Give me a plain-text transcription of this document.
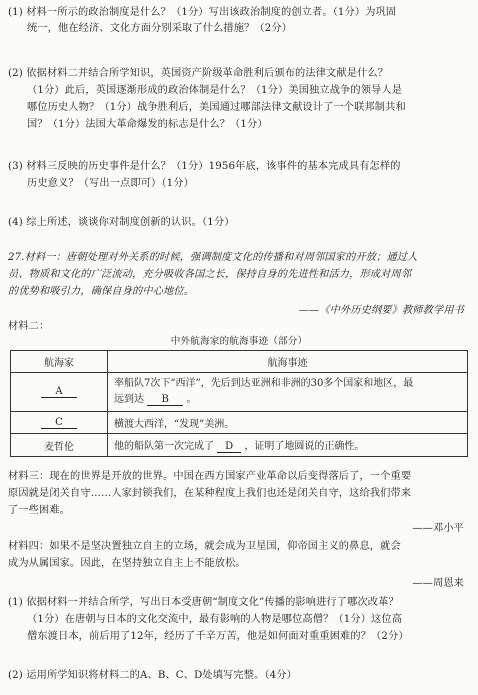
(1) 材料一所示的政治制度是什么？（1分）写出该政治制度的创立者。（1分）为巩固
统一，他在经济、文化方面分别采取了什么措施？（2分）
(2) 依据材料二并结合所学知识，英国资产阶级革命胜利后颁布的法律文献是什么？
（1分）此后，英国逐渐形成的政治体制是什么？（1分）美国独立战争的领导人是
哪位历史人物？（1分）战争胜利后，美国通过哪部法律文献设计了一个联邦制共和
国？（1分）法国大革命爆发的标志是什么？（1分）
(3) 材料三反映的历史事件是什么？（1分）1956年底，该事件的基本完成具有怎样的
历史意义？（写出一点即可）（1分）
(4) 综上所述，谈谈你对制度创新的认识。（1分）
27.材料一：唐朝处理对外关系的时候，强调制度文化的传播和对周邻国家的开放；通过人
员、物质和文化的广泛流动，充分吸收各国之长，保持自身的先进性和活力，形成对周邻
的优势和吸引力，确保自身的中心地位。
——《中外历史纲要》教师教学用书
材料二：
中外航海家的航海事迹（部分）
航海家	航海事迹
A	率船队7次下“西洋”，先后到达亚洲和非洲的30多个国家和地区，最
远到达 B 。
C	横渡大西洋，“发现”美洲。
麦哲伦	他的船队第一次完成了 D ，证明了地圆说的正确性。
材料三：现在的世界是开放的世界。中国在西方国家产业革命以后变得落后了，一个重要
原因就是闭关自守……人家封锁我们，在某种程度上我们也还是闭关自守，这给我们带来
了一些困难。
——邓小平
材料四：如果不是坚决置独立自主的立场，就会成为卫星国，仰帝国主义的鼻息，就会
成为从属国家。因此，在坚持独立自主上不能放松。
——周恩来
(1) 依据材料一并结合所学，写出日本受唐朝“制度文化”传播的影响进行了哪次改革？
（1分）在唐朝与日本的文化交流中，最有影响的人物是哪位高僧？（1分）这位高
僧东渡日本，前后用了12年，经历了千辛万苦，他是如何面对重重困难的？（2分）
(2) 运用所学知识将材料二的A、B、C、D处填写完整。（4分）
